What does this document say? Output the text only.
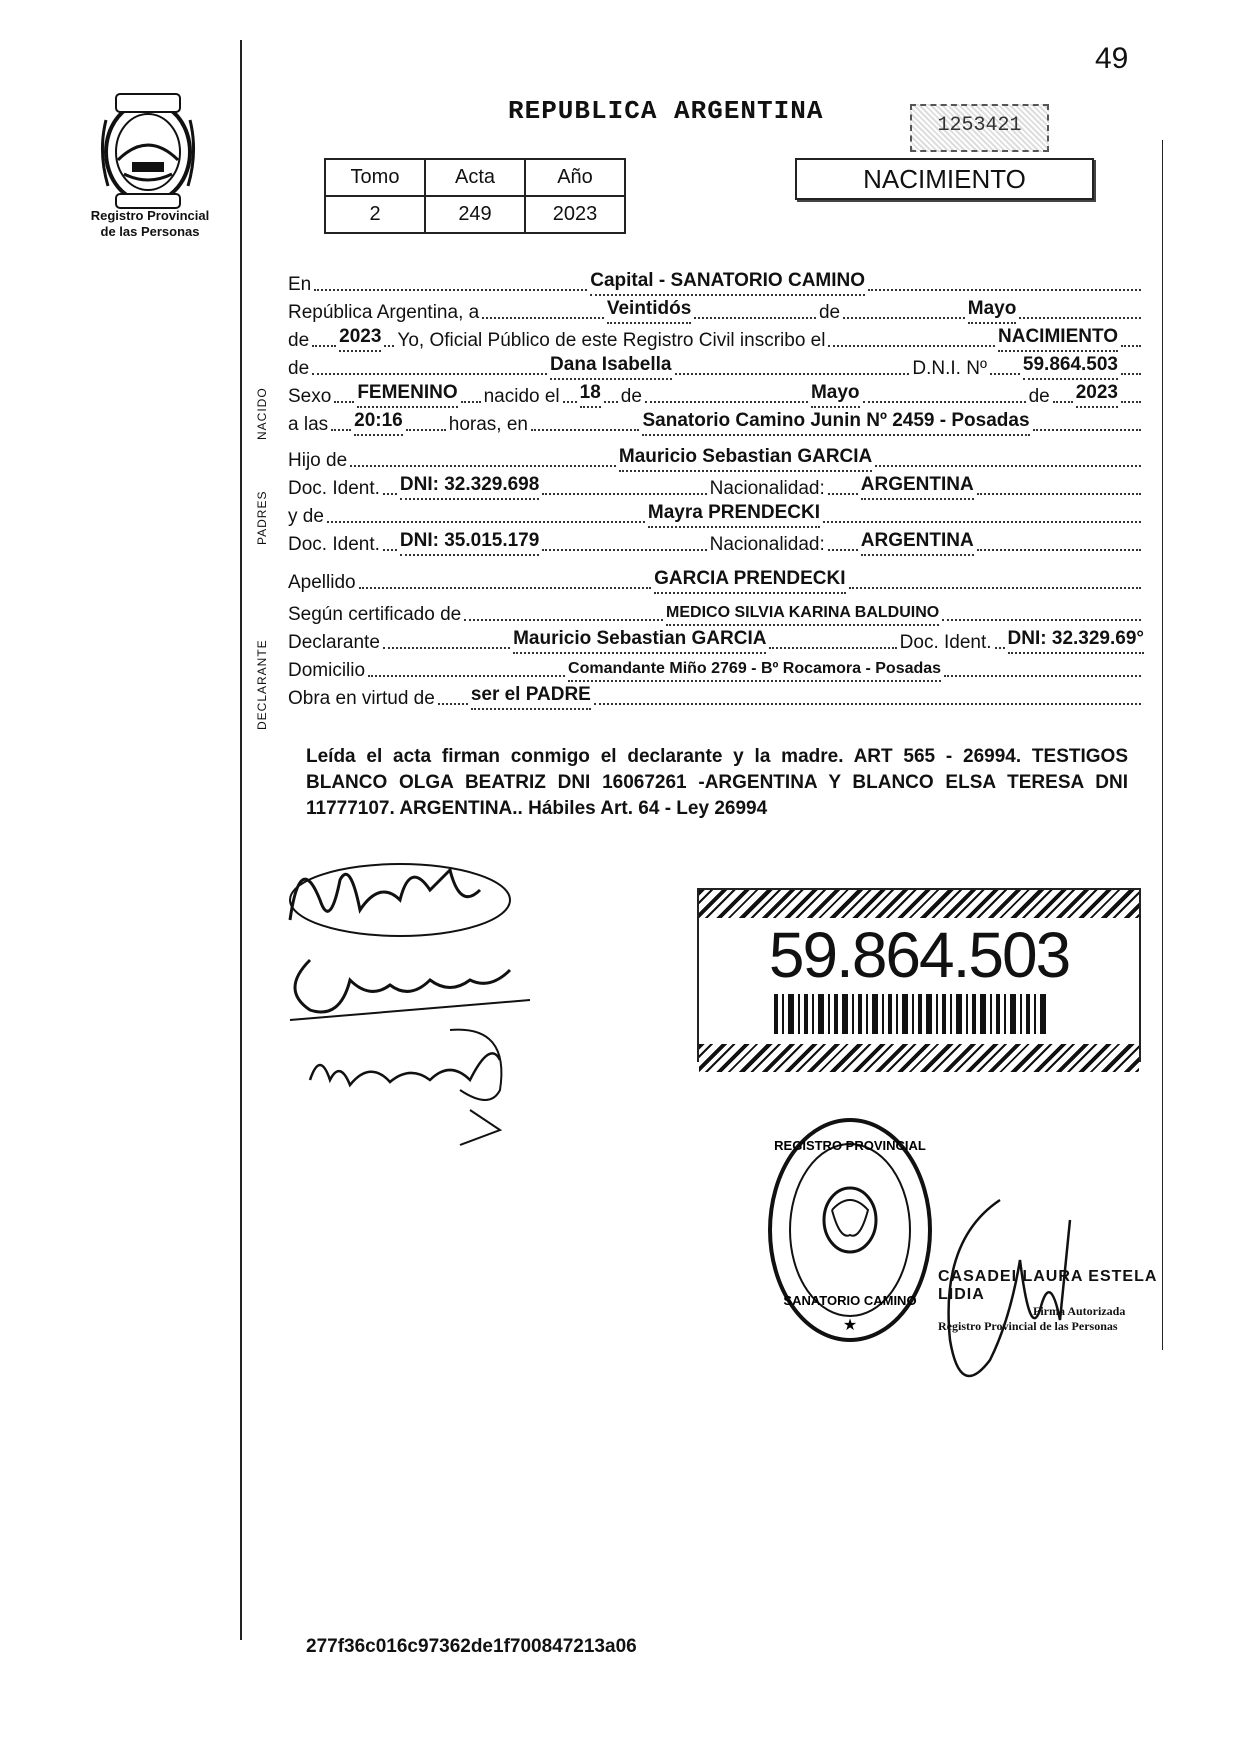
49
Registro Provincial
de las Personas
REPUBLICA ARGENTINA	1253421
Tomo	Acta	Año
2	249	2023
NACIMIENTO
NACIDO
PADRES
DECLARANTE
En	Capital - SANATORIO CAMINO
República Argentina, a	Veintidós	de	Mayo
de 2023 Yo, Oficial Público de este Registro Civil inscribo el	NACIMIENTO
de	Dana Isabella	D.N.I. Nº 59.864.503
Sexo FEMENINO nacido el 18 de	Mayo	de 2023
a las 20:16 horas, en	Sanatorio Camino Junin Nº 2459 - Posadas
Hijo de	Mauricio Sebastian GARCIA
Doc. Ident. DNI: 32.329.698	Nacionalidad: ARGENTINA
y de	Mayra PRENDECKI
Doc. Ident. DNI: 35.015.179	Nacionalidad: ARGENTINA
Apellido	GARCIA PRENDECKI
Según certificado de	MEDICO SILVIA KARINA BALDUINO
Declarante	Mauricio Sebastian GARCIA	Doc. Ident. DNI: 32.329.69°
Domicilio	Comandante Miño 2769 - Bº Rocamora - Posadas
Obra en virtud de ser el PADRE
Leída el acta firman conmigo el declarante y la madre. ART 565 - 26994. TESTIGOS BLANCO OLGA BEATRIZ DNI 16067261 -ARGENTINA Y BLANCO ELSA TERESA DNI 11777107. ARGENTINA.. Hábiles Art. 64 - Ley 26994
59.864.503
REGISTRO PROVINCIAL
SANATORIO CAMINO
★
CASADEI LAURA ESTELA LIDIA
Firma Autorizada
Registro Provincial de las Personas
277f36c016c97362de1f700847213a06
